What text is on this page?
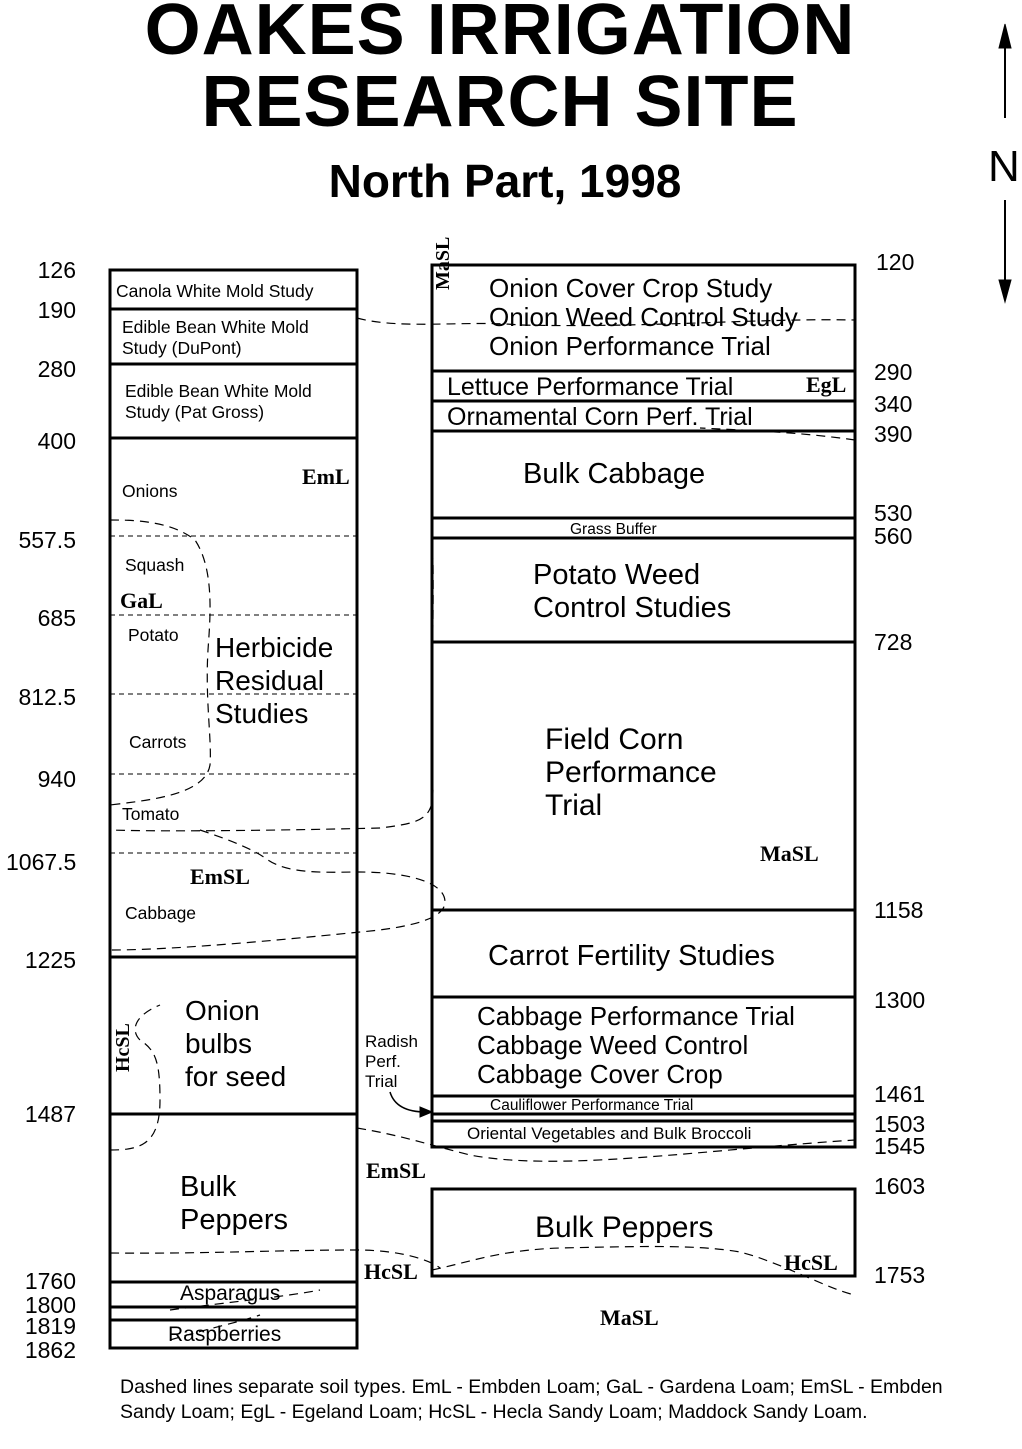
OAKES IRRIGATION
RESEARCH SITE
North Part, 1998
126
190
280
400
557.5
685
812.5
940
1067.5
1225
1487
1760
1800
1819
1862
Canola White Mold Study
Edible Bean White Mold
Study (DuPont)
Edible Bean White Mold
Study (Pat Gross)
Onions
Squash
Potato
Carrots
Tomato
Cabbage
Herbicide
Residual
Studies
Onion
bulbs
for seed
Bulk
Peppers
Asparagus
Raspberries
120
290
340
390
530
560
728
1158
1300
1461
1503
1545
1603
1753
Onion Cover Crop Study
Onion Weed Control Study
Onion Performance Trial
Lettuce Performance Trial
Ornamental Corn Perf. Trial
Bulk Cabbage
Grass Buffer
Potato Weed
Control Studies
Field Corn
Performance
Trial
Carrot Fertility Studies
Cabbage Performance Trial
Cabbage Weed Control
Cabbage Cover Crop
Cauliflower Performance Trial
Oriental Vegetables and Bulk Broccoli
Bulk Peppers
Radish
Perf.
Trial
MaSL
EgL
EmL
GaL
MaSL
EmSL
HcSL
EmSL
HcSL	HcSL
MaSL
N
Dashed lines separate soil types. EmL - Embden Loam; GaL - Gardena Loam; EmSL - Embden Sandy Loam; EgL - Egeland Loam; HcSL - Hecla Sandy Loam; Maddock Sandy Loam.
